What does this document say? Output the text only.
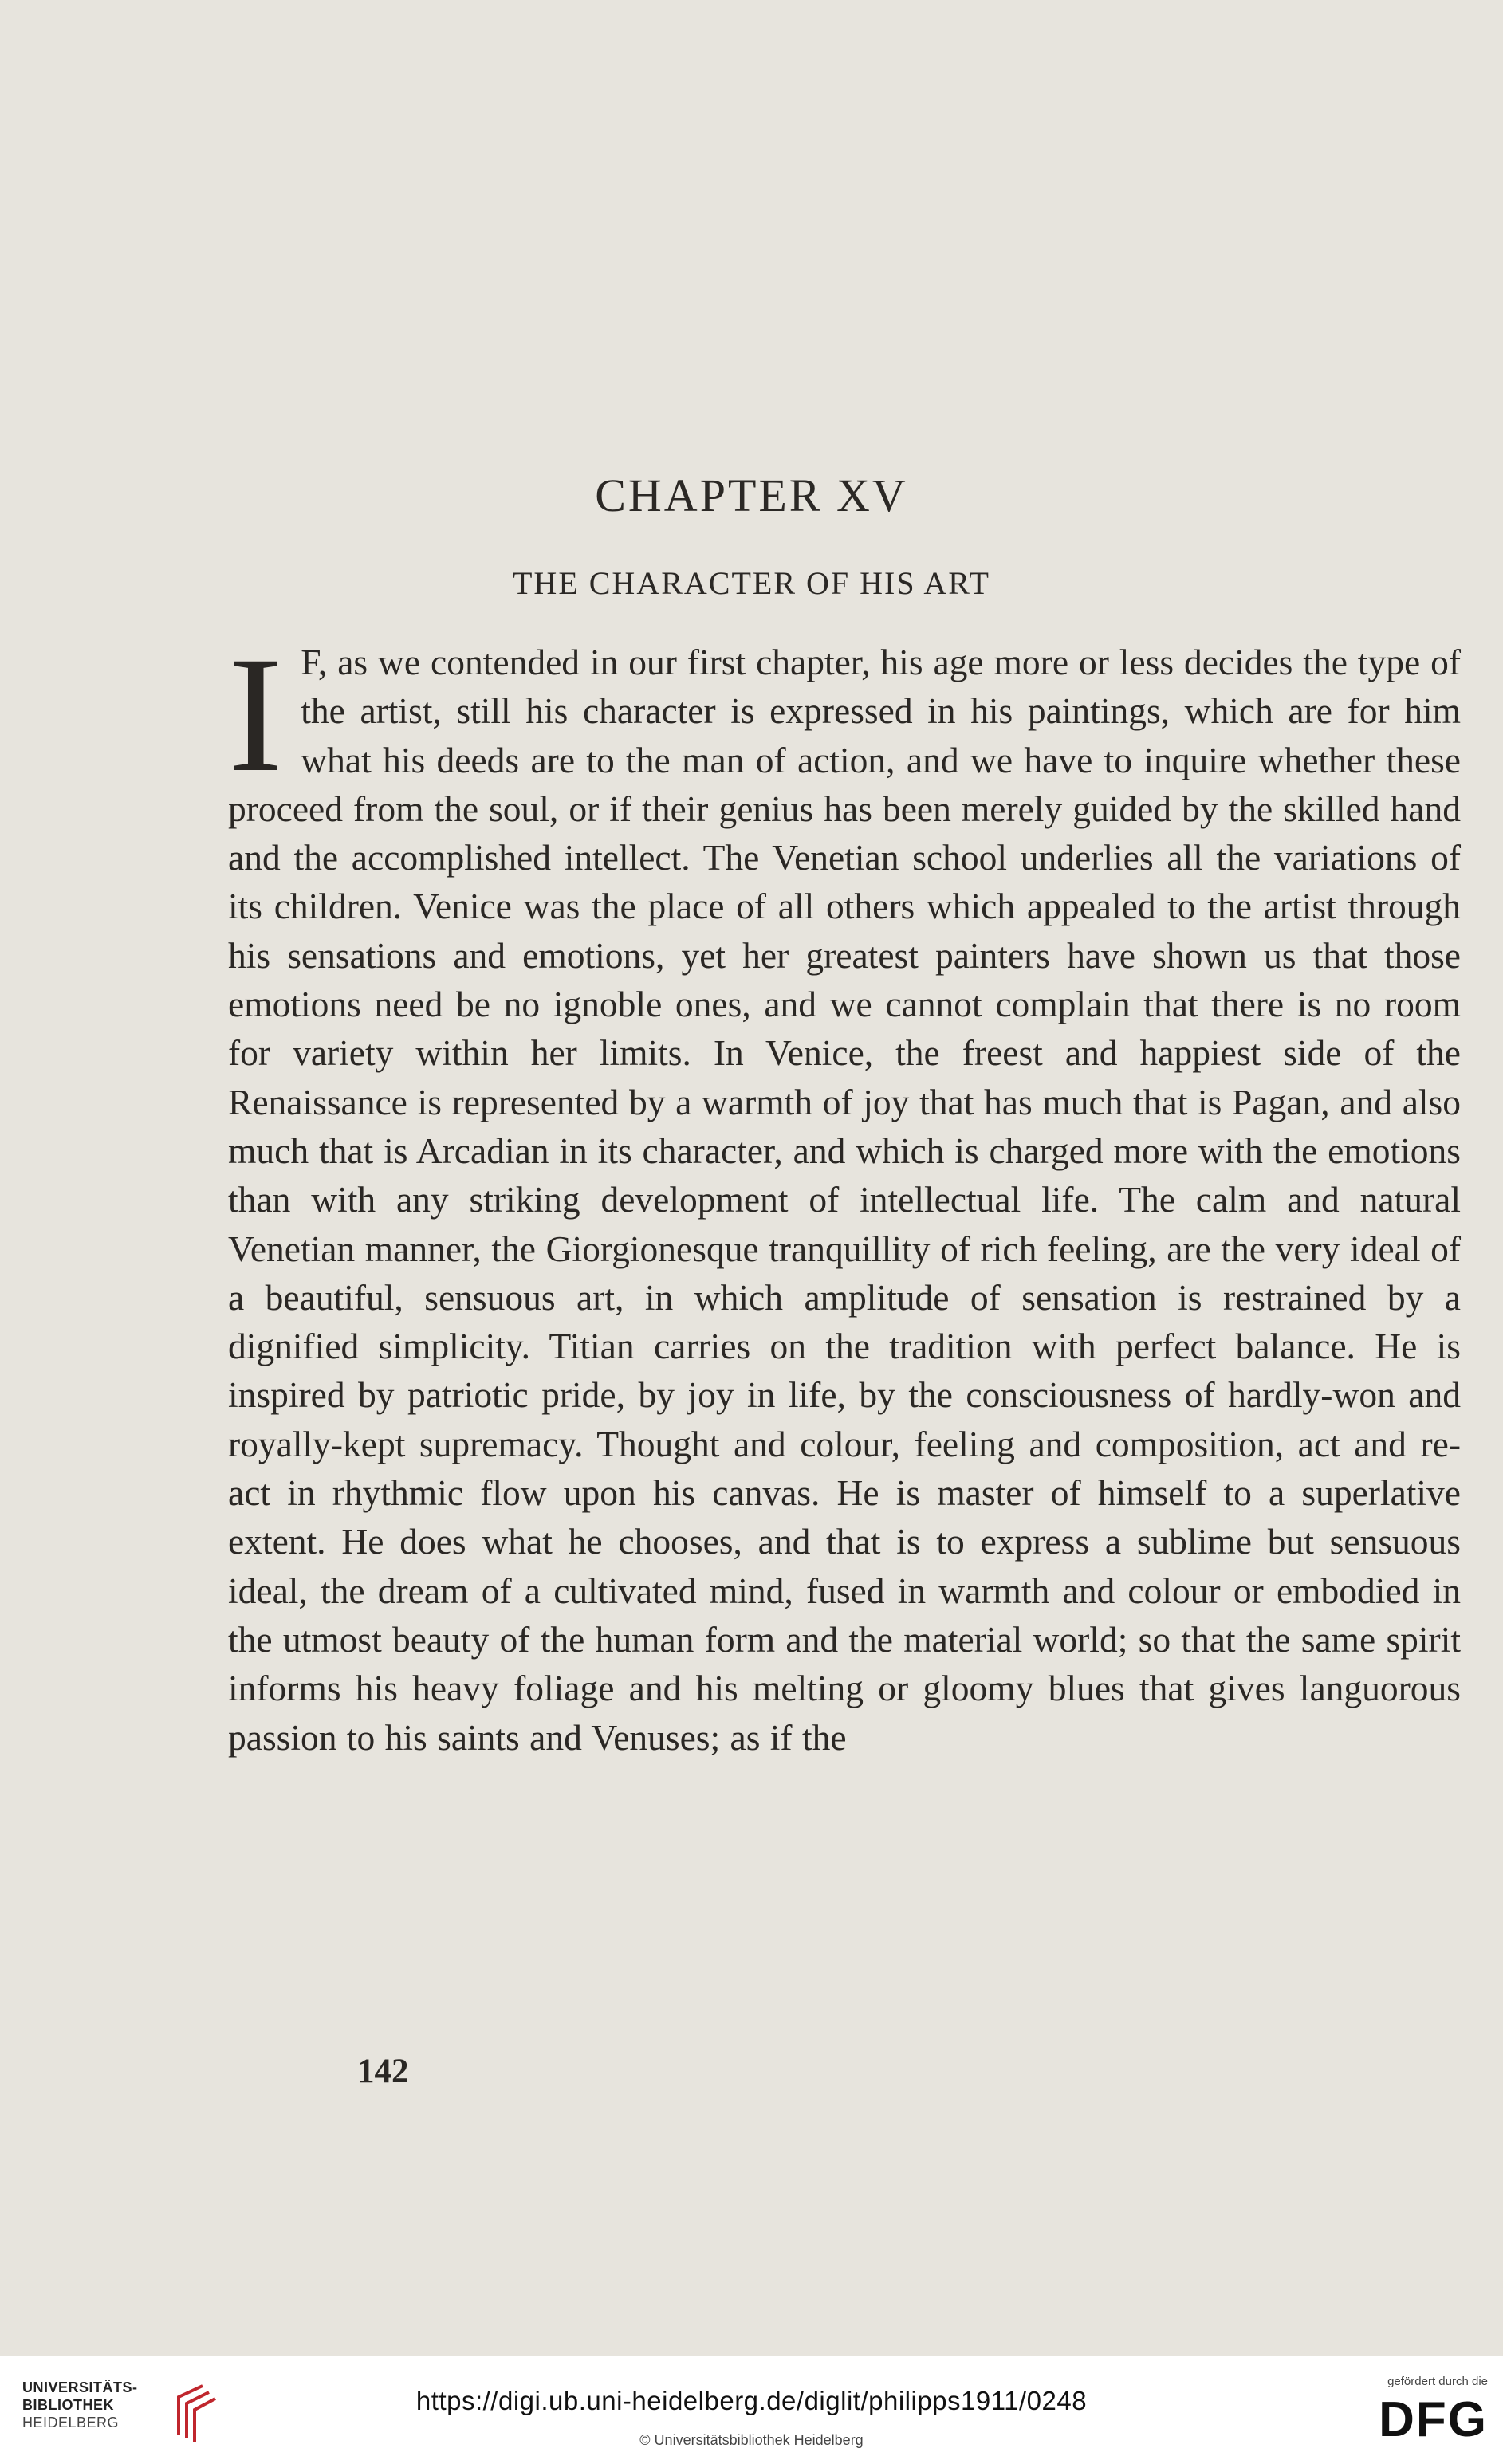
CHAPTER XV
THE CHARACTER OF HIS ART
I F, as we contended in our first chapter, his age more or less decides the type of the artist, still his character is expressed in his paintings, which are for him what his deeds are to the man of action, and we have to inquire whether these proceed from the soul, or if their genius has been merely guided by the skilled hand and the accomplished intellect. The Venetian school underlies all the variations of its children. Venice was the place of all others which appealed to the artist through his sensations and emotions, yet her greatest painters have shown us that those emotions need be no ignoble ones, and we cannot complain that there is no room for variety within her limits. In Venice, the freest and happiest side of the Renaissance is represented by a warmth of joy that has much that is Pagan, and also much that is Arcadian in its character, and which is charged more with the emotions than with any striking development of intellectual life. The calm and natural Venetian manner, the Giorgionesque tranquillity of rich feeling, are the very ideal of a beautiful, sensuous art, in which amplitude of sensation is restrained by a dignified simplicity. Titian carries on the tradition with perfect balance. He is inspired by patriotic pride, by joy in life, by the consciousness of hardly-won and royally-kept supremacy. Thought and colour, feeling and composition, act and re-act in rhythmic flow upon his canvas. He is master of himself to a superlative extent. He does what he chooses, and that is to express a sublime but sensuous ideal, the dream of a cultivated mind, fused in warmth and colour or embodied in the utmost beauty of the human form and the material world; so that the same spirit informs his heavy foliage and his melting or gloomy blues that gives languorous passion to his saints and Venuses; as if the
142
UNIVERSITÄTS-
BIBLIOTHEK
HEIDELBERG
https://digi.ub.uni-heidelberg.de/diglit/philipps1911/0248
© Universitätsbibliothek Heidelberg
gefördert durch die
DFG
